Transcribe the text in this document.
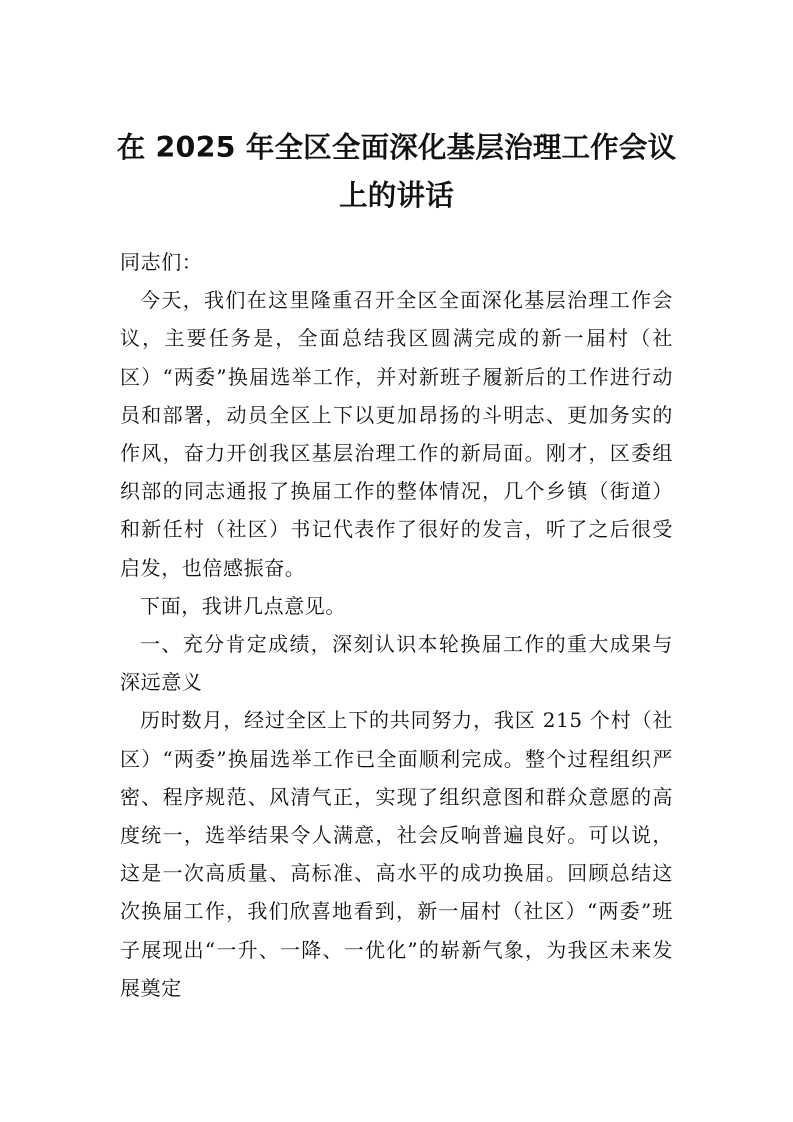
在 2025 年全区全面深化基层治理工作会议
上的讲话

同志们：

今天，我们在这里隆重召开全区全面深化基层治理工作会议，主要任务是，全面总结我区圆满完成的新一届村（社区）“两委”换届选举工作，并对新班子履新后的工作进行动员和部署，动员全区上下以更加昂扬的斗明志、更加务实的作风，奋力开创我区基层治理工作的新局面。刚才，区委组织部的同志通报了换届工作的整体情况，几个乡镇（街道）和新任村（社区）书记代表作了很好的发言，听了之后很受启发，也倍感振奋。

下面，我讲几点意见。

一、充分肯定成绩，深刻认识本轮换届工作的重大成果与深远意义

历时数月，经过全区上下的共同努力，我区 215 个村（社区）“两委”换届选举工作已全面顺利完成。整个过程组织严密、程序规范、风清气正，实现了组织意图和群众意愿的高度统一，选举结果令人满意，社会反响普遍良好。可以说，这是一次高质量、高标准、高水平的成功换届。回顾总结这次换届工作，我们欣喜地看到，新一届村（社区）“两委”班子展现出“一升、一降、一优化”的崭新气象，为我区未来发展奠定
